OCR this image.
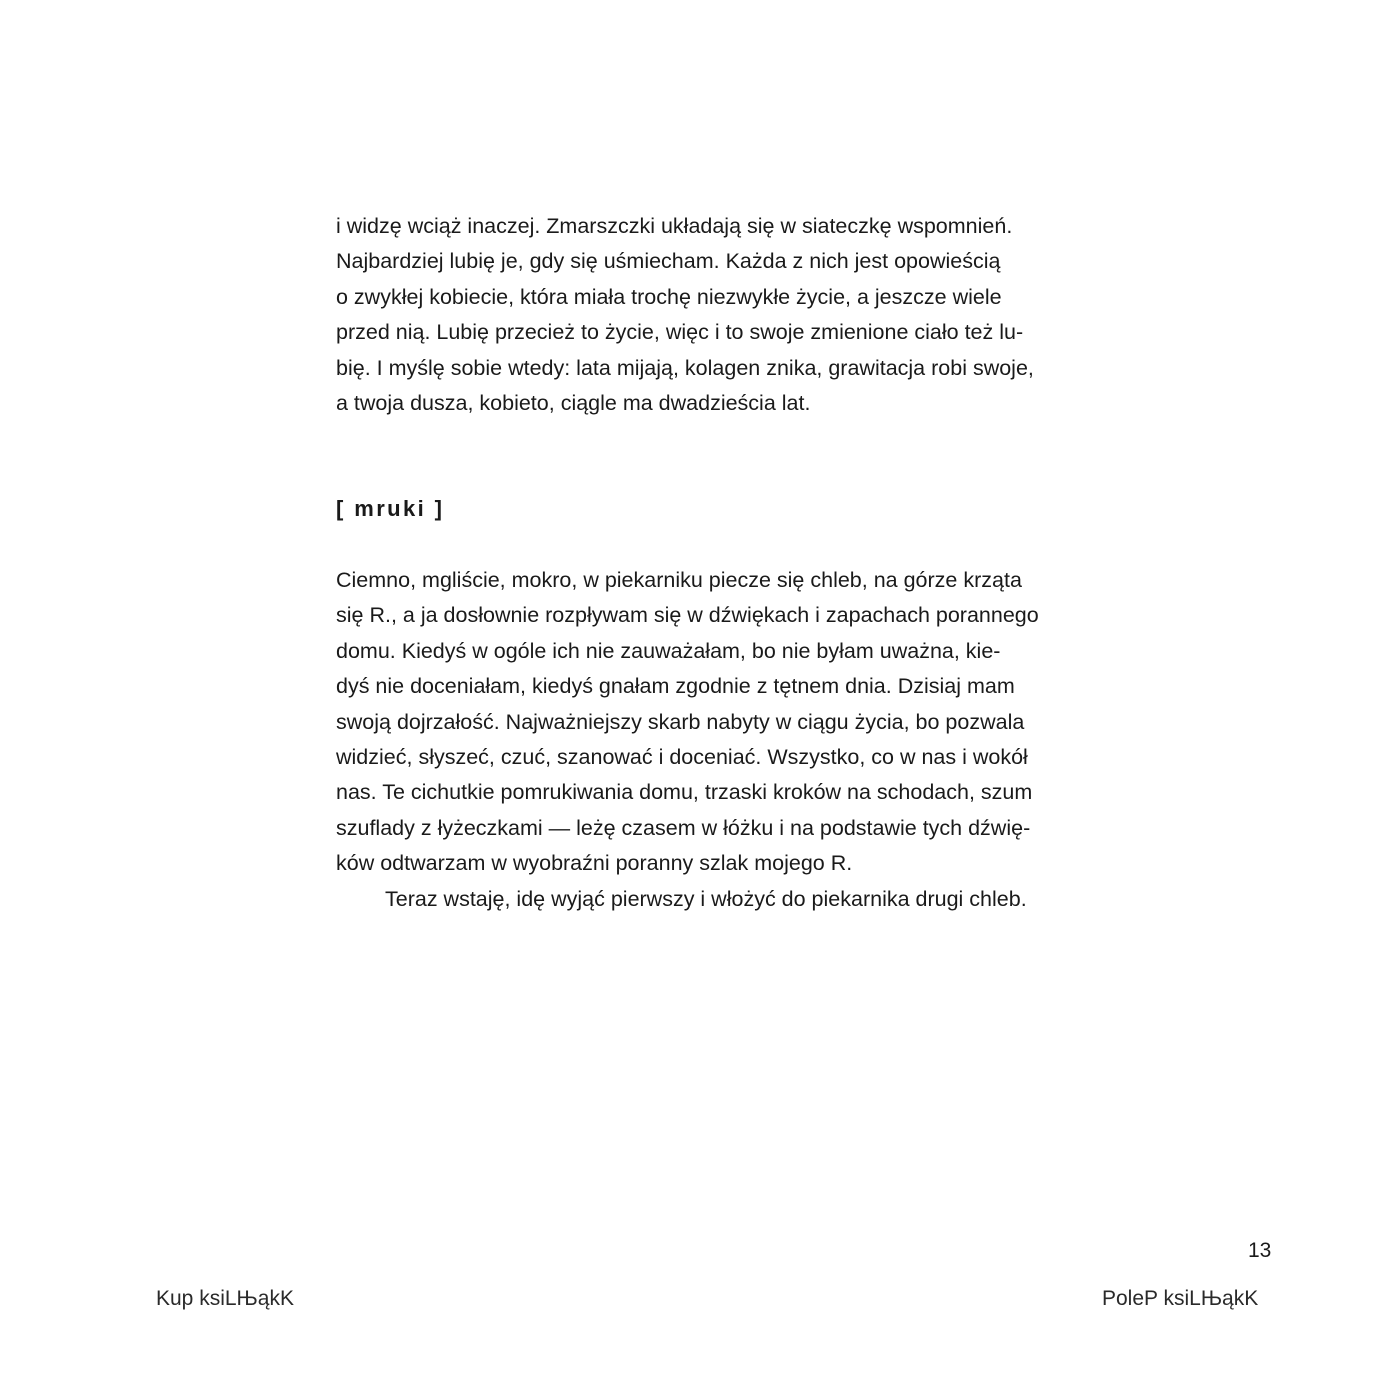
i widzę wciąż inaczej. Zmarszczki układają się w siateczkę wspomnień.
Najbardziej lubię je, gdy się uśmiecham. Każda z nich jest opowieścią
o zwykłej kobiecie, która miała trochę niezwykłe życie, a jeszcze wiele
przed nią. Lubię przecież to życie, więc i to swoje zmienione ciało też lu-
bię. I myślę sobie wtedy: lata mijają, kolagen znika, grawitacja robi swoje,
a twoja dusza, kobieto, ciągle ma dwadzieścia lat.
[ mruki ]
Ciemno, mgliście, mokro, w piekarniku piecze się chleb, na górze krząta
się R., a ja dosłownie rozpływam się w dźwiękach i zapachach porannego
domu. Kiedyś w ogóle ich nie zauważałam, bo nie byłam uważna, kie-
dyś nie doceniałam, kiedyś gnałam zgodnie z tętnem dnia. Dzisiaj mam
swoją dojrzałość. Najważniejszy skarb nabyty w ciągu życia, bo pozwala
widzieć, słyszeć, czuć, szanować i doceniać. Wszystko, co w nas i wokół
nas. Te cichutkie pomrukiwania domu, trzaski kroków na schodach, szum
szuflady z łyżeczkami — leżę czasem w łóżku i na podstawie tych dźwię-
ków odtwarzam w wyobraźni poranny szlak mojego R.
Teraz wstaję, idę wyjąć pierwszy i włożyć do piekarnika drugi chleb.
13
Kup ksiLЊąkK	PoleP ksiLЊąkK
